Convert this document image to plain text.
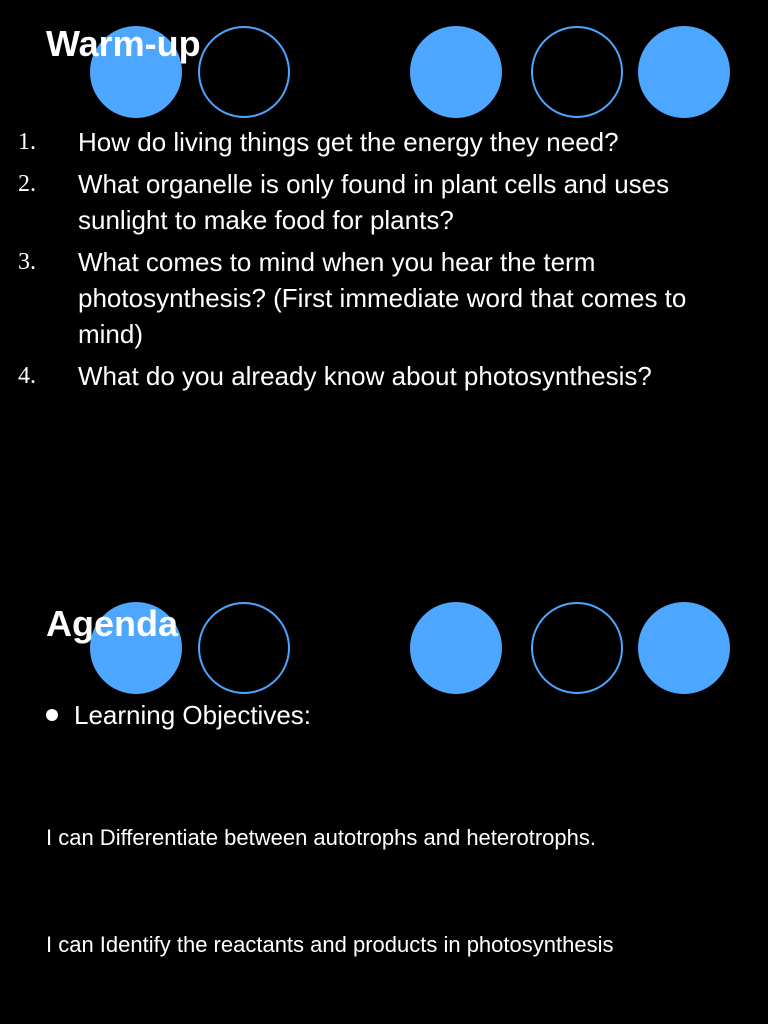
Warm-up
1. How do living things get the energy they need?
2. What organelle is only found in plant cells and uses sunlight to make food for plants?
3. What comes to mind when you hear the term photosynthesis? (First immediate word that comes to mind)
4. What do you already know about photosynthesis?
Agenda
Learning Objectives:
I can Differentiate between autotrophs and heterotrophs.
I can Identify the reactants and products in photosynthesis
